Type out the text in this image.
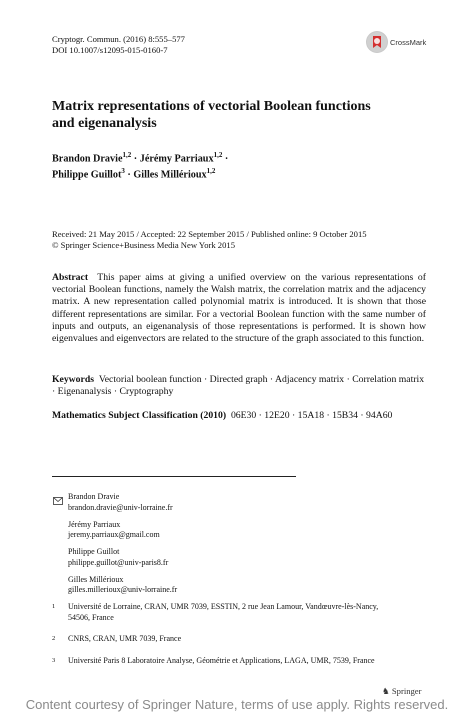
Cryptogr. Commun. (2016) 8:555–577
DOI 10.1007/s12095-015-0160-7
CrossMark
Matrix representations of vectorial Boolean functions
and eigenanalysis
Brandon Dravie$^{1,2}$ · Jérémy Parriaux$^{1,2}$ ·
Philippe Guillot$^3$ · Gilles Millérioux$^{1,2}$
Received: 21 May 2015 / Accepted: 22 September 2015 / Published online: 9 October 2015
© Springer Science+Business Media New York 2015
Abstract This paper aims at giving a unified overview on the various representations of vectorial Boolean functions, namely the Walsh matrix, the correlation matrix and the adjacency matrix. A new representation called polynomial matrix is introduced. It is shown that those different representations are similar. For a vectorial Boolean function with the same number of inputs and outputs, an eigenanalysis of those representations is performed. It is shown how eigenvalues and eigenvectors are related to the structure of the graph associated to this function.
Keywords Vectorial boolean function · Directed graph · Adjacency matrix · Correlation matrix · Eigenanalysis · Cryptography
Mathematics Subject Classification (2010) 06E30 · 12E20 · 15A18 · 15B34 · 94A60
Brandon Dravie
brandon.dravie@univ-lorraine.fr
Jérémy Parriaux
jeremy.parriaux@gmail.com
Philippe Guillot
philippe.guillot@univ-paris8.fr
Gilles Millérioux
gilles.millerioux@univ-lorraine.fr
1 Université de Lorraine, CRAN, UMR 7039, ESSTIN, 2 rue Jean Lamour, Vandœuvre-lès-Nancy,
54506, France
2 CNRS, CRAN, UMR 7039, France
3 Université Paris 8 Laboratoire Analyse, Géométrie et Applications, LAGA, UMR, 7539, France
♞ Springer
Content courtesy of Springer Nature, terms of use apply. Rights reserved.
